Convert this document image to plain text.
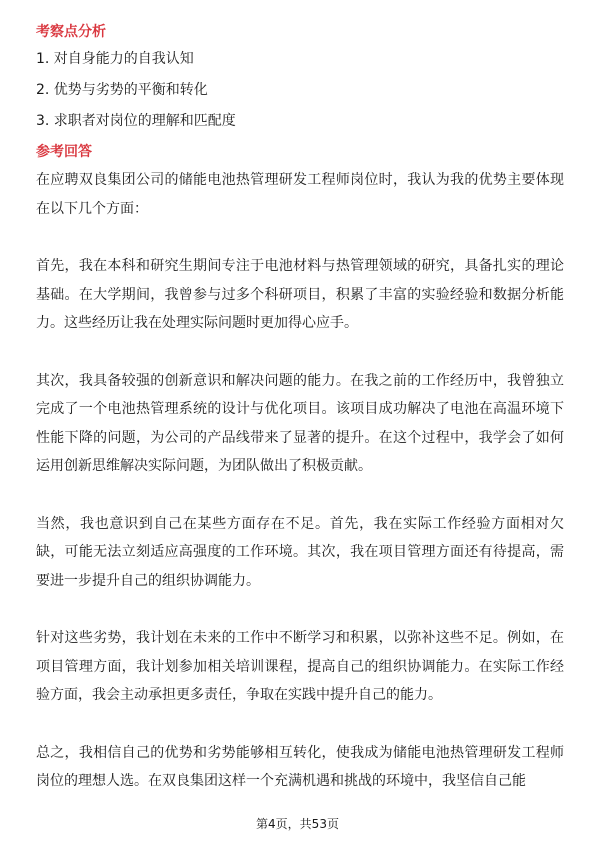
考察点分析
1. 对自身能力的自我认知
2. 优势与劣势的平衡和转化
3. 求职者对岗位的理解和匹配度
参考回答

在应聘双良集团公司的储能电池热管理研发工程师岗位时，我认为我的优势主要体现在以下几个方面：

首先，我在本科和研究生期间专注于电池材料与热管理领域的研究，具备扎实的理论基础。在大学期间，我曾参与过多个科研项目，积累了丰富的实验经验和数据分析能力。这些经历让我在处理实际问题时更加得心应手。

其次，我具备较强的创新意识和解决问题的能力。在我之前的工作经历中，我曾独立完成了一个电池热管理系统的设计与优化项目。该项目成功解决了电池在高温环境下性能下降的问题，为公司的产品线带来了显著的提升。在这个过程中，我学会了如何运用创新思维解决实际问题，为团队做出了积极贡献。

当然，我也意识到自己在某些方面存在不足。首先，我在实际工作经验方面相对欠缺，可能无法立刻适应高强度的工作环境。其次，我在项目管理方面还有待提高，需要进一步提升自己的组织协调能力。

针对这些劣势，我计划在未来的工作中不断学习和积累，以弥补这些不足。例如，在项目管理方面，我计划参加相关培训课程，提高自己的组织协调能力。在实际工作经验方面，我会主动承担更多责任，争取在实践中提升自己的能力。

总之，我相信自己的优势和劣势能够相互转化，使我成为储能电池热管理研发工程师岗位的理想人选。在双良集团这样一个充满机遇和挑战的环境中，我坚信自己能

第4页，共53页
